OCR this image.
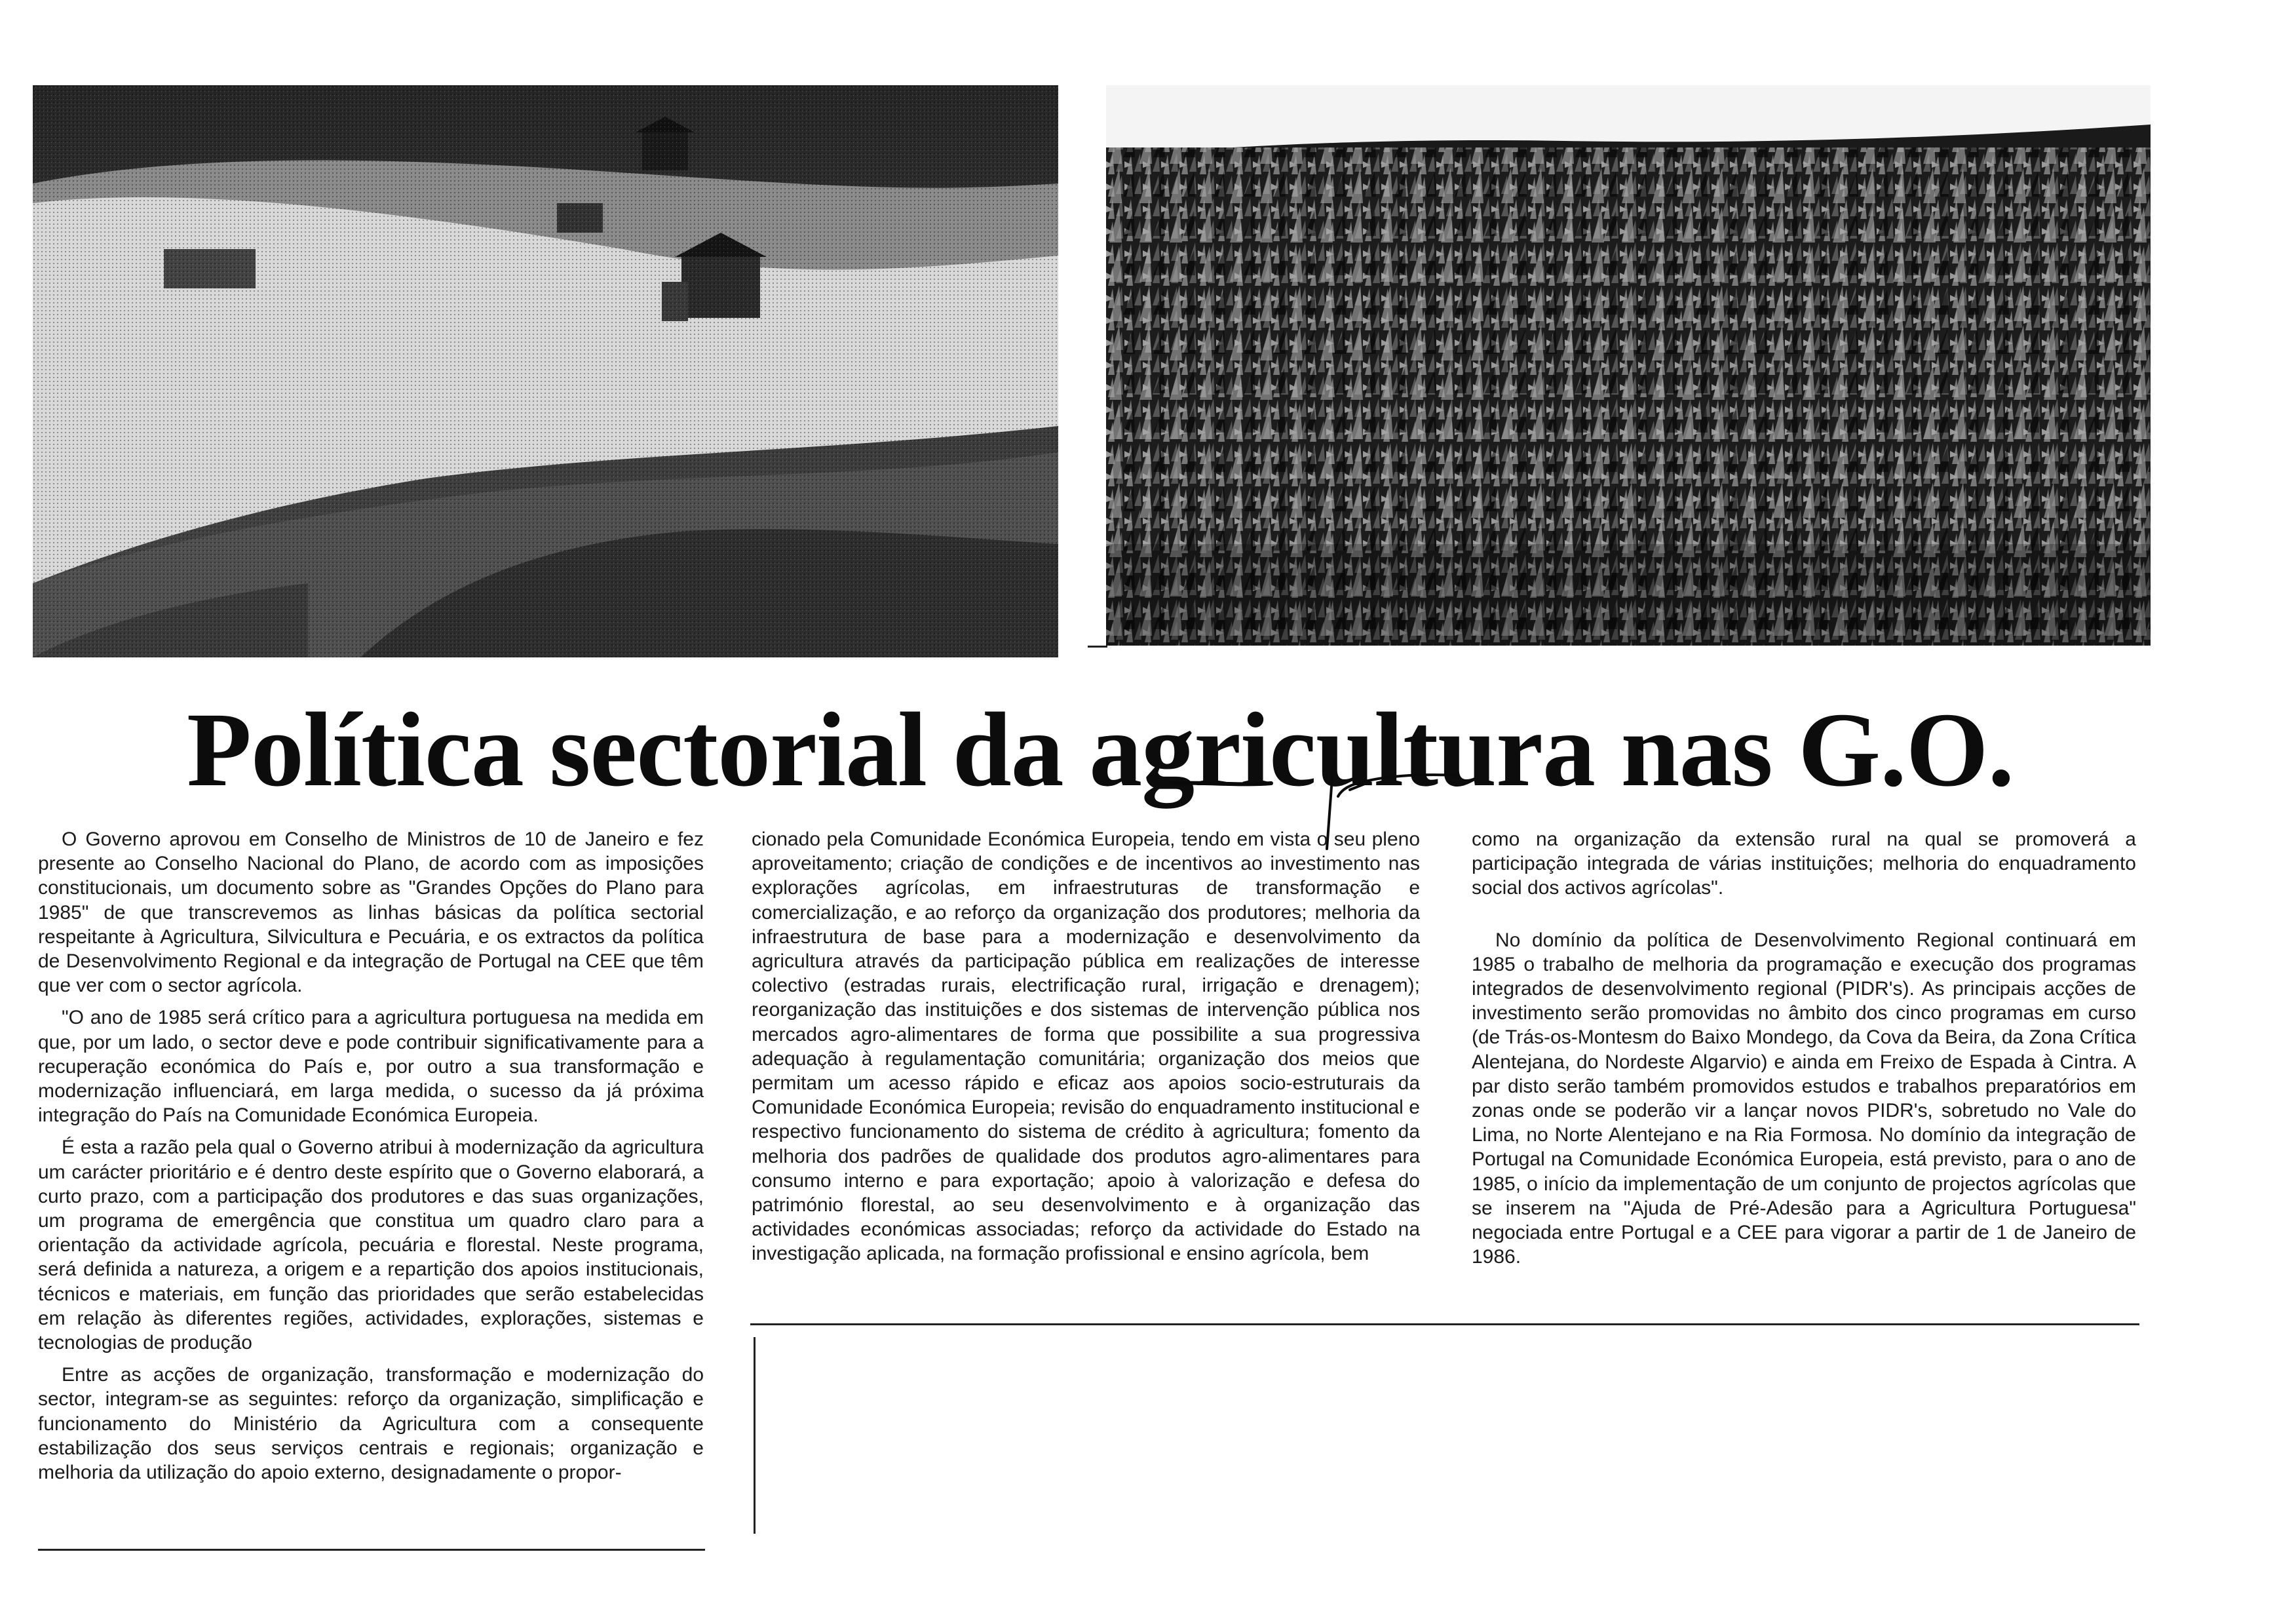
Política sectorial da agricultura nas G.O.

O Governo aprovou em Conselho de Ministros de 10 de Janeiro e fez presente ao Conselho Nacional do Plano, de acordo com as imposições constitucionais, um documento sobre as "Grandes Opções do Plano para 1985" de que transcrevemos as linhas básicas da política sectorial respeitante à Agricultura, Silvicultura e Pecuária, e os extractos da política de Desenvolvimento Regional e da integração de Portugal na CEE que têm que ver com o sector agrícola.

"O ano de 1985 será crítico para a agricultura portuguesa na medida em que, por um lado, o sector deve e pode contribuir significativamente para a recuperação económica do País e, por outro a sua transformação e modernização influenciará, em larga medida, o sucesso da já próxima integração do País na Comunidade Económica Europeia.

É esta a razão pela qual o Governo atribui à modernização da agricultura um carácter prioritário e é dentro deste espírito que o Governo elaborará, a curto prazo, com a participação dos produtores e das suas organizações, um programa de emergência que constitua um quadro claro para a orientação da actividade agrícola, pecuária e florestal. Neste programa, será definida a natureza, a origem e a repartição dos apoios institucionais, técnicos e materiais, em função das prioridades que serão estabelecidas em relação às diferentes regiões, actividades, explorações, sistemas e tecnologias de produção

Entre as acções de organização, transformação e modernização do sector, integram-se as seguintes: reforço da organização, simplificação e funcionamento do Ministério da Agricultura com a consequente estabilização dos seus serviços centrais e regionais; organização e melhoria da utilização do apoio externo, designadamente o propor-

cionado pela Comunidade Económica Europeia, tendo em vista o seu pleno aproveitamento; criação de condições e de incentivos ao investimento nas explorações agrícolas, em infraestruturas de transformação e comercialização, e ao reforço da organização dos produtores; melhoria da infraestrutura de base para a modernização e desenvolvimento da agricultura através da participação pública em realizações de interesse colectivo (estradas rurais, electrificação rural, irrigação e drenagem); reorganização das instituições e dos sistemas de intervenção pública nos mercados agro-alimentares de forma que possibilite a sua progressiva adequação à regulamentação comunitária; organização dos meios que permitam um acesso rápido e eficaz aos apoios socio-estruturais da Comunidade Económica Europeia; revisão do enquadramento institucional e respectivo funcionamento do sistema de crédito à agricultura; fomento da melhoria dos padrões de qualidade dos produtos agro-alimentares para consumo interno e para exportação; apoio à valorização e defesa do património florestal, ao seu desenvolvimento e à organização das actividades económicas associadas; reforço da actividade do Estado na investigação aplicada, na formação profissional e ensino agrícola, bem

como na organização da extensão rural na qual se promoverá a participação integrada de várias instituições; melhoria do enquadramento social dos activos agrícolas".

No domínio da política de Desenvolvimento Regional continuará em 1985 o trabalho de melhoria da programação e execução dos programas integrados de desenvolvimento regional (PIDR's). As principais acções de investimento serão promovidas no âmbito dos cinco programas em curso (de Trás-os-Montesm do Baixo Mondego, da Cova da Beira, da Zona Crítica Alentejana, do Nordeste Algarvio) e ainda em Freixo de Espada à Cintra. A par disto serão também promovidos estudos e trabalhos preparatórios em zonas onde se poderão vir a lançar novos PIDR's, sobretudo no Vale do Lima, no Norte Alentejano e na Ria Formosa. No domínio da integração de Portugal na Comunidade Económica Europeia, está previsto, para o ano de 1985, o início da implementação de um conjunto de projectos agrícolas que se inserem na "Ajuda de Pré-Adesão para a Agricultura Portuguesa" negociada entre Portugal e a CEE para vigorar a partir de 1 de Janeiro de 1986.
